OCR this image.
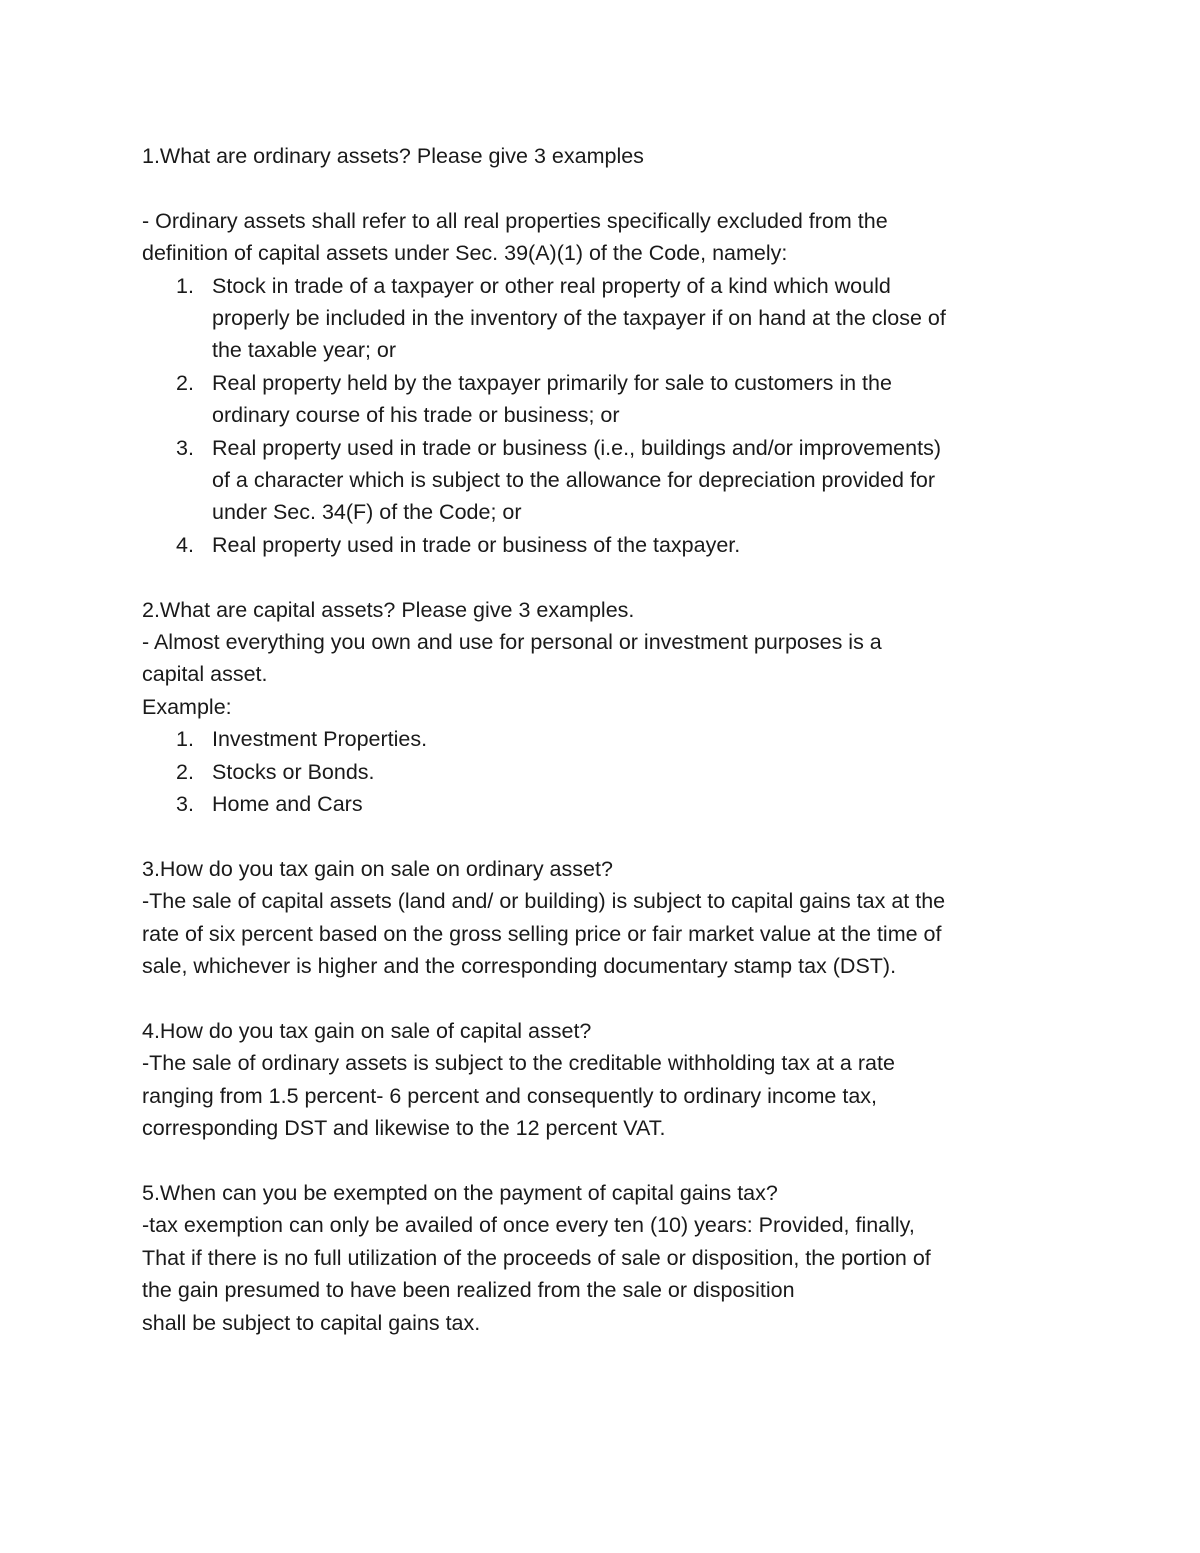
1.What are ordinary assets? Please give 3 examples

- Ordinary assets shall refer to all real properties specifically excluded from the

definition of capital assets under Sec. 39(A)(1) of the Code, namely:

1. Stock in trade of a taxpayer or other real property of a kind which would
properly be included in the inventory of the taxpayer if on hand at the close of
the taxable year; or
2. Real property held by the taxpayer primarily for sale to customers in the
ordinary course of his trade or business; or
3. Real property used in trade or business (i.e., buildings and/or improvements)
of a character which is subject to the allowance for depreciation provided for
under Sec. 34(F) of the Code; or
4. Real property used in trade or business of the taxpayer.

2.What are capital assets? Please give 3 examples.

- Almost everything you own and use for personal or investment purposes is a

capital asset.

Example:

1. Investment Properties.
2. Stocks or Bonds.
3. Home and Cars

3.How do you tax gain on sale on ordinary asset?

-The sale of capital assets (land and/ or building) is subject to capital gains tax at the

rate of six percent based on the gross selling price or fair market value at the time of

sale, whichever is higher and the corresponding documentary stamp tax (DST).

4.How do you tax gain on sale of capital asset?

-The sale of ordinary assets is subject to the creditable withholding tax at a rate

ranging from 1.5 percent- 6 percent and consequently to ordinary income tax,

corresponding DST and likewise to the 12 percent VAT.

5.When can you be exempted on the payment of capital gains tax?

-tax exemption can only be availed of once every ten (10) years: Provided, finally,

That if there is no full utilization of the proceeds of sale or disposition, the portion of

the gain presumed to have been realized from the sale or disposition

shall be subject to capital gains tax.
